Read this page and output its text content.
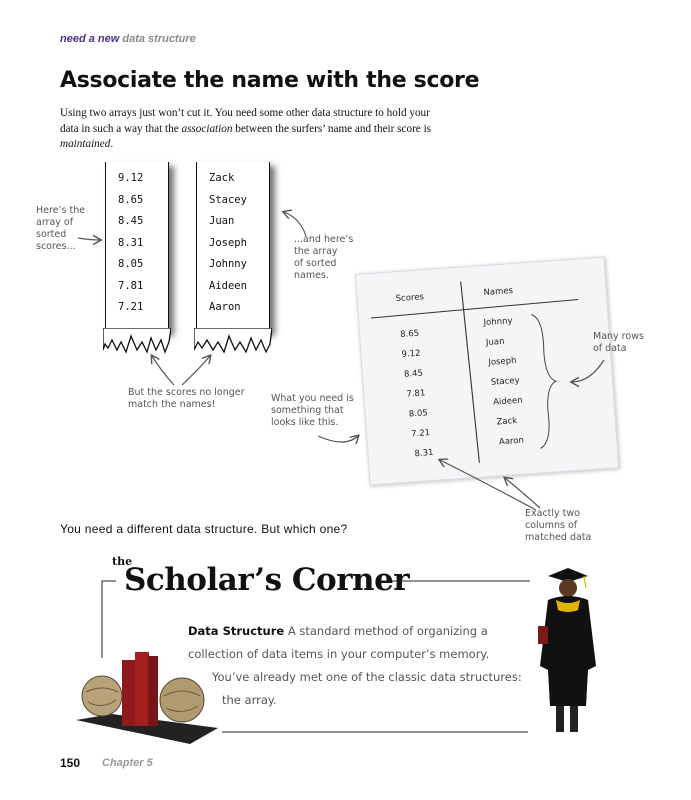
need a new data structure
Associate the name with the score
Using two arrays just won’t cut it. You need some other data structure to hold your data in such a way that the association between the surfers’ name and their score is maintained.
9.12
8.65
8.45
8.31
8.05
7.81
7.21
Zack
Stacey
Juan
Joseph
Johnny
Aideen
Aaron
Here’s the
array of
sorted
scores...
...and here’s
the array
of sorted
names.
But the scores no longer
match the names!
What you need is
something that
looks like this.
Scores
Names
8.65
9.12
8.45
7.81
8.05
7.21
8.31
Johnny
Juan
Joseph
Stacey
Aideen
Zack
Aaron
Many rows
of data
Exactly two
columns of
matched data
You need a different data structure. But which one?
the
Scholar’s Corner
Data Structure A standard method of organizing a
collection of data items in your computer’s memory.
You’ve already met one of the classic data structures:
the array.
150 Chapter 5
